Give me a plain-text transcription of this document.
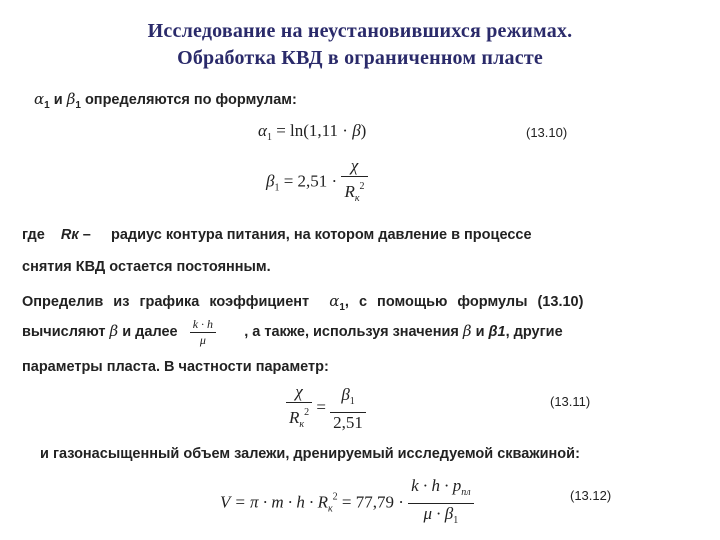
Исследование на неустановившихся режимах.
Обработка КВД в ограниченном пласте
$\alpha_1$ и $\beta_1$ определяются по формулам:
$\alpha_1 = \ln(1,11 \cdot \beta)$	(13.10)
$\beta_1 = 2,51 \cdot \frac{\chi}{R_к^2}$
где Rк – радиус контура питания, на котором давление в процессе
снятия КВД остается постоянным.
Определив из графика коэффициент $\alpha_1$, с помощью формулы (13.10)
вычисляют β и далее $\frac{k \cdot h}{\mu}$ , а также, используя значения β и β1, другие
параметры пласта. В частности параметр:
$\frac{\chi}{R_к^2} = \frac{\beta_1}{2,51}$	(13.11)
и газонасыщенный объем залежи, дренируемый исследуемой скважиной:
$V = \pi \cdot m \cdot h \cdot R_к^2 = 77,79 \cdot \frac{k \cdot h \cdot p_{пл}}{\mu \cdot \beta_1}$	(13.12)
